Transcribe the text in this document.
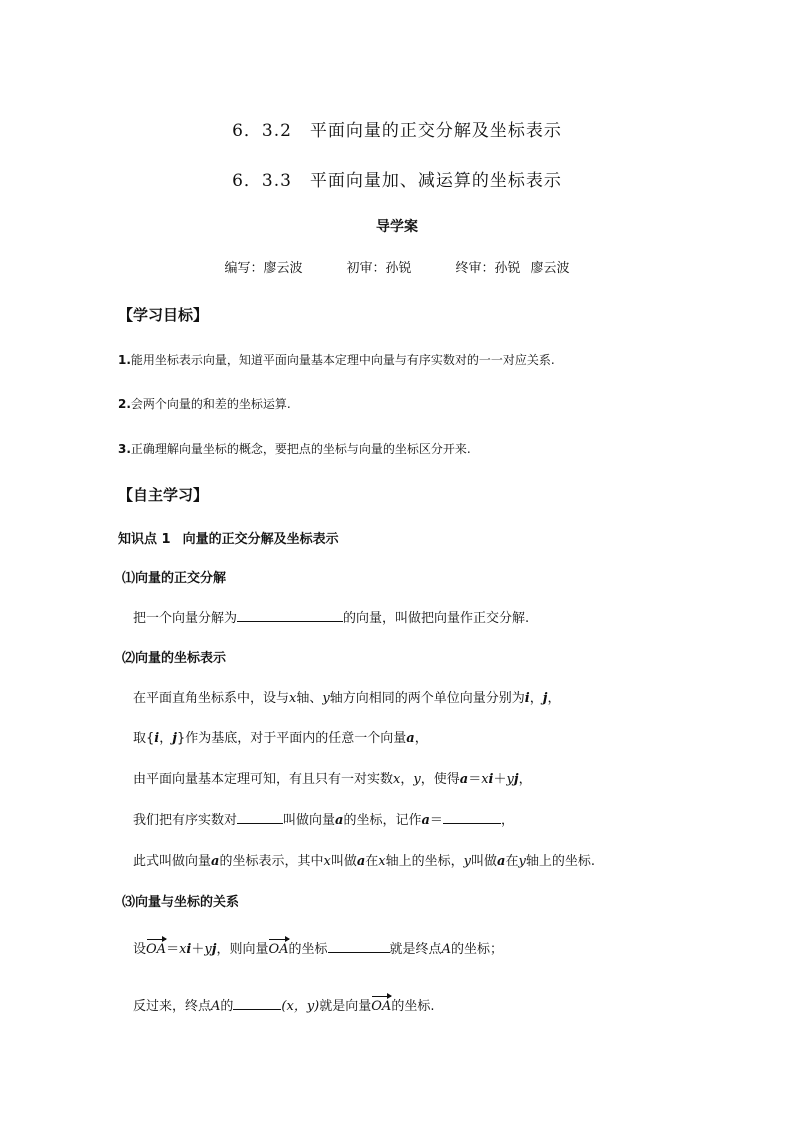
6．3.2　平面向量的正交分解及坐标表示
6．3.3　平面向量加、减运算的坐标表示
导学案
编写：廖云波	初审：孙锐	终审：孙锐 廖云波
【学习目标】
1.能用坐标表示向量，知道平面向量基本定理中向量与有序实数对的一一对应关系.
2.会两个向量的和差的坐标运算.
3.正确理解向量坐标的概念，要把点的坐标与向量的坐标区分开来.
【自主学习】
知识点 1 向量的正交分解及坐标表示
⑴向量的正交分解
把一个向量分解为	的向量，叫做把向量作正交分解.
⑵向量的坐标表示
在平面直角坐标系中，设与x轴、y轴方向相同的两个单位向量分别为i，j，
取{i，j}作为基底，对于平面内的任意一个向量a，
由平面向量基本定理可知，有且只有一对实数x，y，使得a＝xi＋yj，
我们把有序实数对	叫做向量a的坐标，记作a＝	，
此式叫做向量a的坐标表示，其中x叫做a在x轴上的坐标，y叫做a在y轴上的坐标.
⑶向量与坐标的关系
设OA＝xi＋yj，则向量OA的坐标	就是终点A的坐标；
反过来，终点A的	(x，y)就是向量OA的坐标.
